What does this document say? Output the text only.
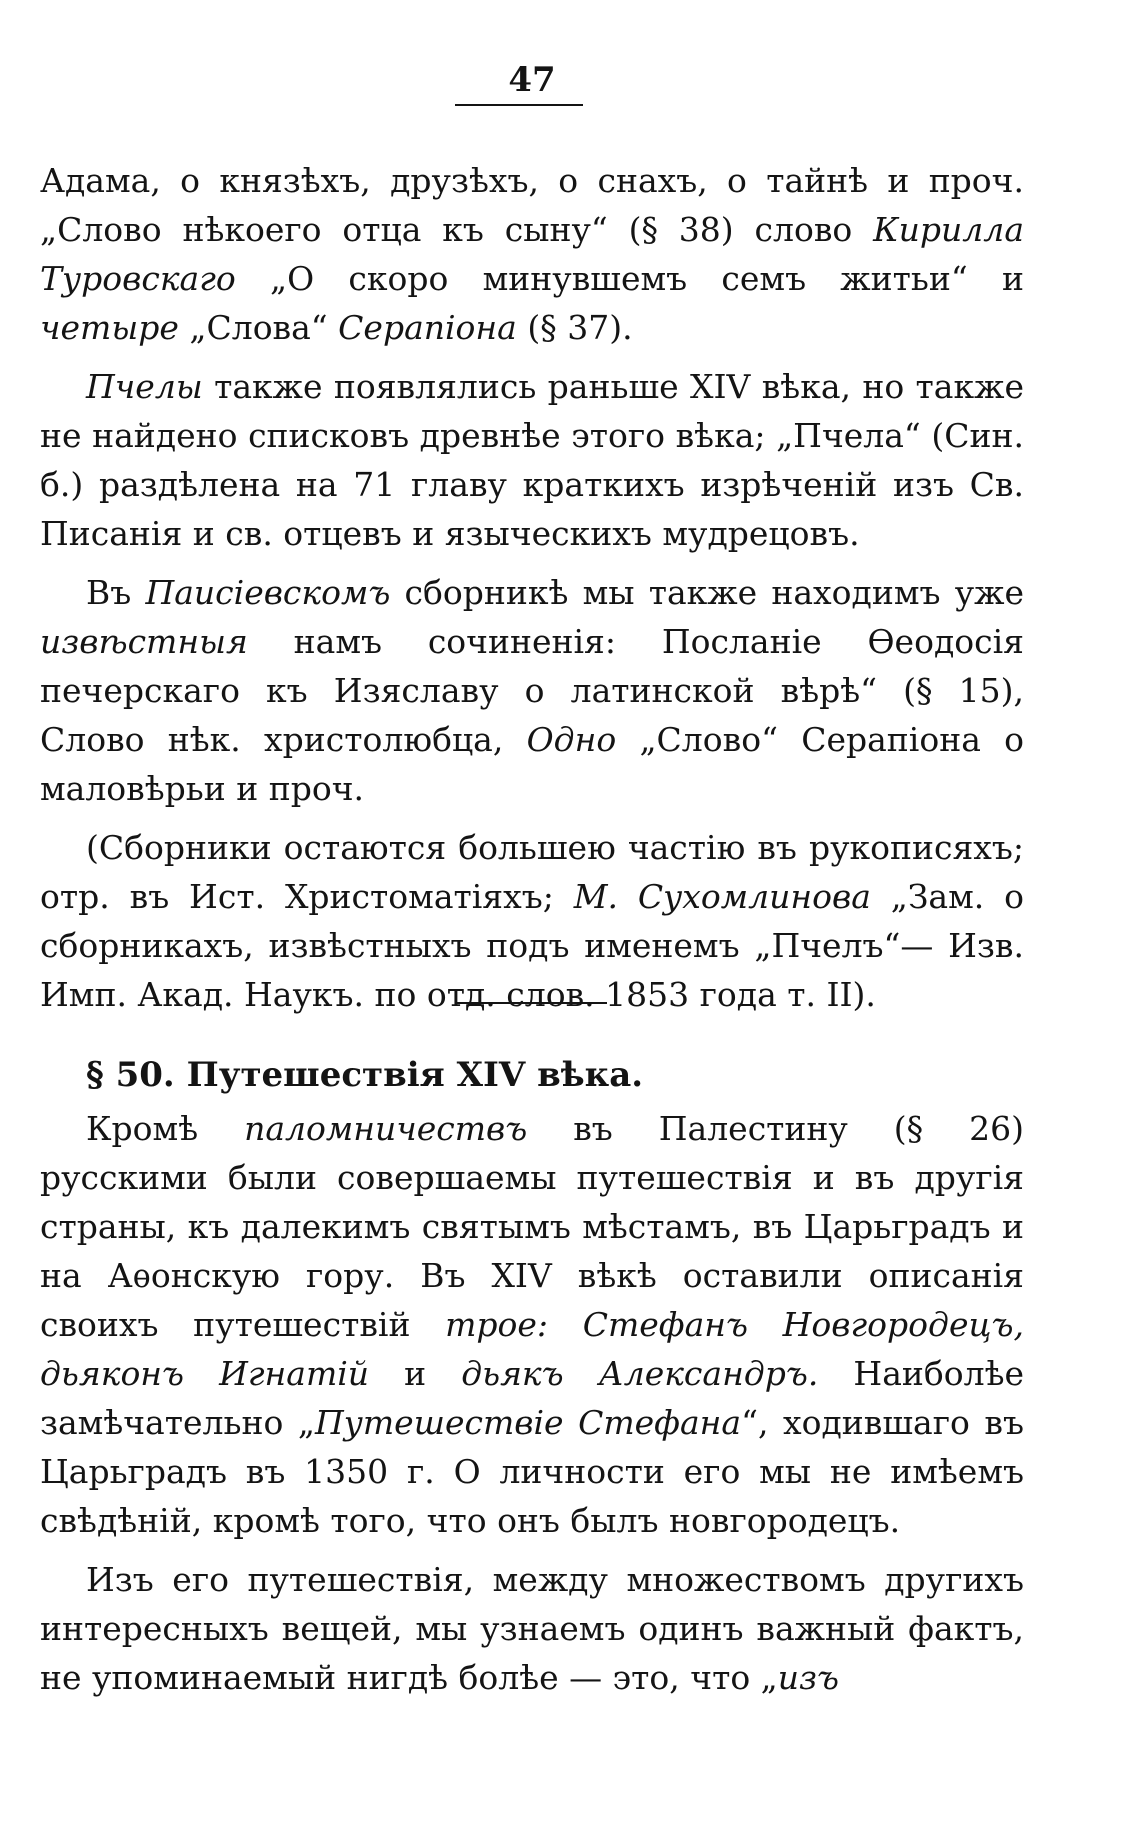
47

Адама, о князѣхъ, друзѣхъ, о снахъ, о тайнѣ и проч. „Слово нѣкоего отца къ сыну“ (§ 38) слово Кирилла Туровскаго „О скоро минувшемъ семъ житьи“ и четыре „Слова“ Серапіона (§ 37).

Пчелы также появлялись раньше XIV вѣка, но также не найдено списковъ древнѣе этого вѣка; „Пчела“ (Син. б.) раздѣлена на 71 главу краткихъ изрѣченій изъ Св. Писанія и св. отцевъ и языческихъ мудрецовъ.

Въ Паисіевскомъ сборникѣ мы также находимъ уже извѣстныя намъ сочиненія: Посланіе Ѳеодосія печерскаго къ Изяславу о латинской вѣрѣ“ (§ 15), Слово нѣк. христолюбца, Одно „Слово“ Серапіона о маловѣрьи и проч.

(Сборники остаются большею частію въ рукописяхъ; отр. въ Ист. Христоматіяхъ; М. Сухомлинова „Зам. о сборникахъ, извѣстныхъ подъ именемъ „Пчелъ“— Изв. Имп. Акад. Наукъ. по отд. слов. 1853 года т. II).

§ 50. Путешествія XIV вѣка.

Кромѣ паломничествъ въ Палестину (§ 26) русскими были совершаемы путешествія и въ другія страны, къ далекимъ святымъ мѣстамъ, въ Царьградъ и на Аѳонскую гору. Въ XIV вѣкѣ оставили описанія своихъ путешествій трое: Стефанъ Новгородецъ, дьяконъ Игнатій и дьякъ Александръ. Наиболѣе замѣчательно „Путешествіе Стефана“, ходившаго въ Царьградъ въ 1350 г. О личности его мы не имѣемъ свѣдѣній, кромѣ того, что онъ былъ новгородецъ.

Изъ его путешествія, между множествомъ другихъ интересныхъ вещей, мы узнаемъ одинъ важный фактъ, не упоминаемый нигдѣ болѣе — это, что „изъ
